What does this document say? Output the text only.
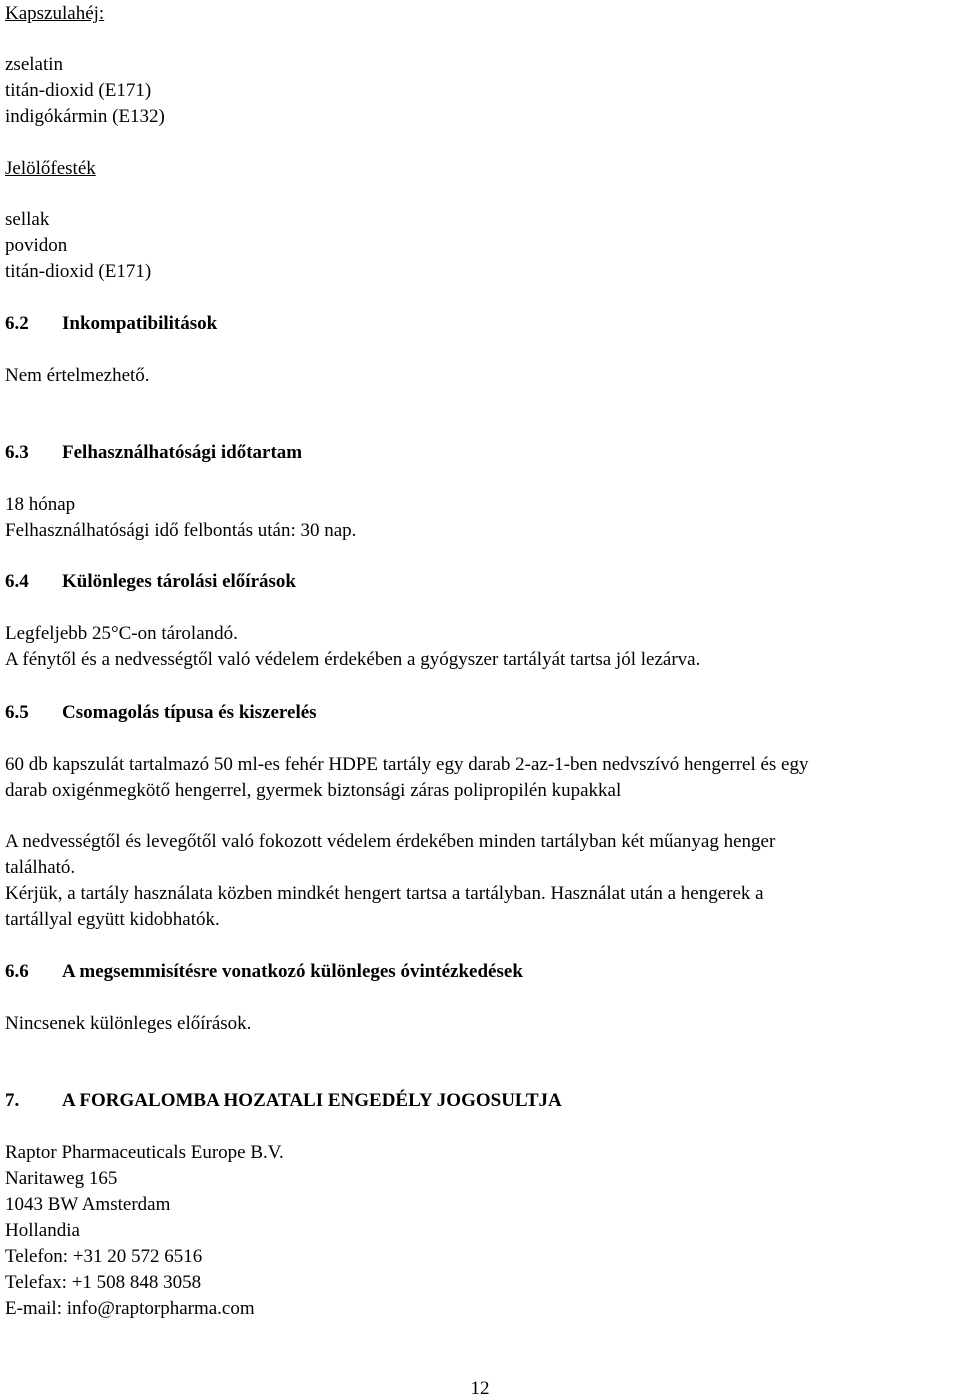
Kapszulahéj:
zselatin
titán-dioxid (E171)
indigókármin (E132)
Jelölőfesték
sellak
povidon
titán-dioxid (E171)
6.2 Inkompatibilitások
Nem értelmezhető.
6.3 Felhasználhatósági időtartam
18 hónap
Felhasználhatósági idő felbontás után: 30 nap.
6.4 Különleges tárolási előírások
Legfeljebb 25°C-on tárolandó.
A fénytől és a nedvességtől való védelem érdekében a gyógyszer tartályát tartsa jól lezárva.
6.5 Csomagolás típusa és kiszerelés
60 db kapszulát tartalmazó 50 ml-es fehér HDPE tartály egy darab 2-az-1-ben nedvszívó hengerrel és egy
darab oxigénmegkötő hengerrel, gyermek biztonsági záras polipropilén kupakkal
A nedvességtől és levegőtől való fokozott védelem érdekében minden tartályban két műanyag henger
található.
Kérjük, a tartály használata közben mindkét hengert tartsa a tartályban. Használat után a hengerek a
tartállyal együtt kidobhatók.
6.6 A megsemmisítésre vonatkozó különleges óvintézkedések
Nincsenek különleges előírások.
7. A FORGALOMBA HOZATALI ENGEDÉLY JOGOSULTJA
Raptor Pharmaceuticals Europe B.V.
Naritaweg 165
1043 BW Amsterdam
Hollandia
Telefon: +31 20 572 6516
Telefax: +1 508 848 3058
E-mail: info@raptorpharma.com
12
